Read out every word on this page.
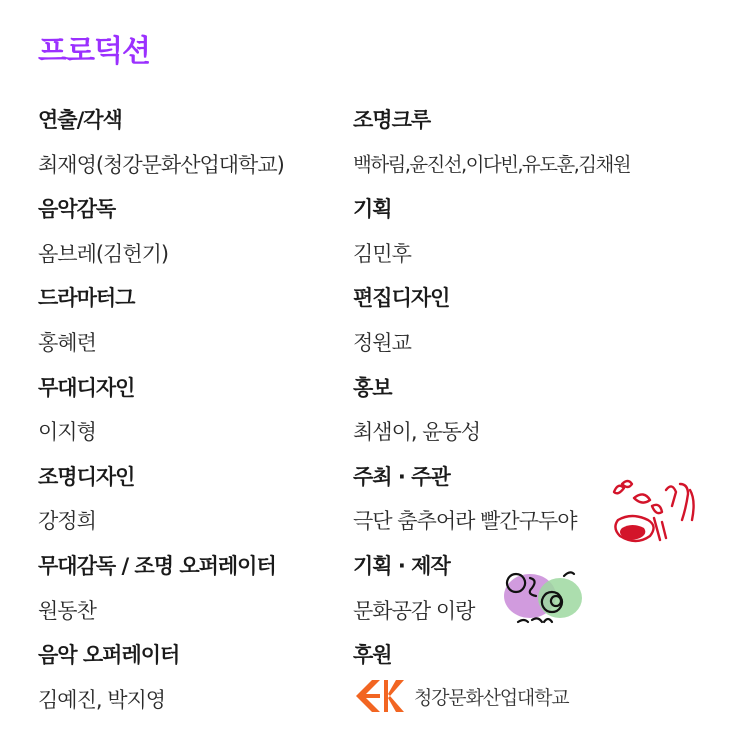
프로덕션
연출/각색
최재영(청강문화산업대학교)
음악감독
옴브레(김헌기)
드라마터그
홍혜련
무대디자인
이지형
조명디자인
강정희
무대감독 / 조명 오퍼레이터
원동찬
음악 오퍼레이터
김예진, 박지영
조명크루
백하림,윤진선,이다빈,유도훈,김채원
기획
김민후
편집디자인
정원교
홍보
최샘이, 윤동성
주최 · 주관
극단 춤추어라 빨간구두야
기획 · 제작
문화공감 이랑
후원
청강문화산업대학교
